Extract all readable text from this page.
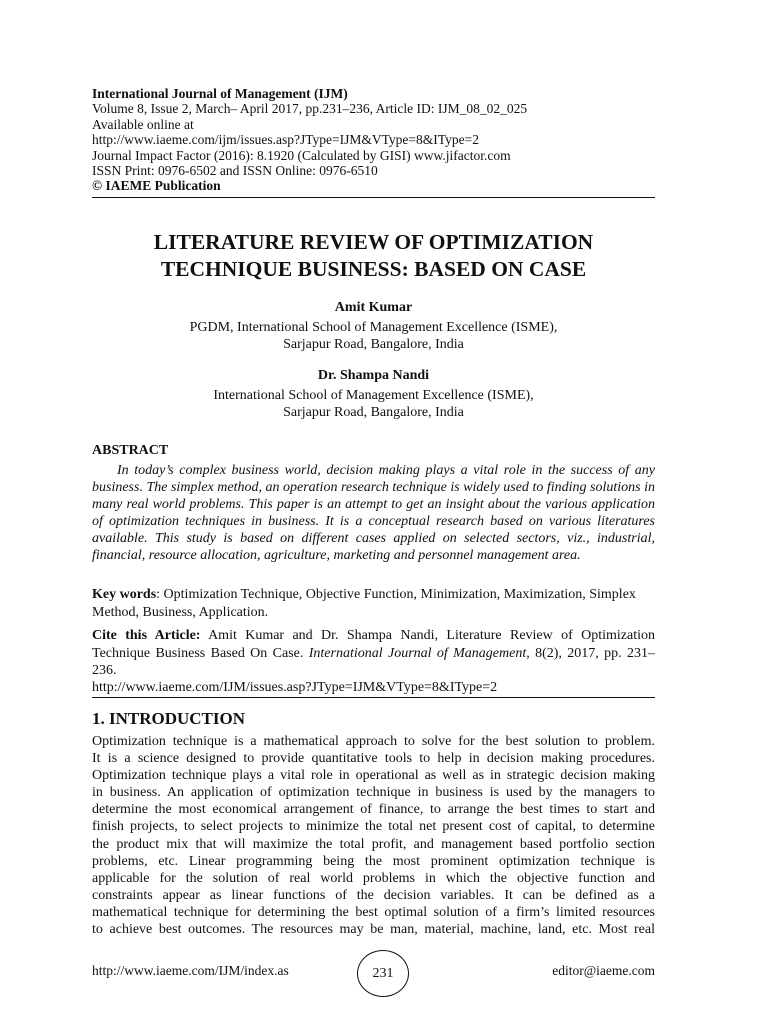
International Journal of Management (IJM)
Volume 8, Issue 2, March– April 2017, pp.231–236, Article ID: IJM_08_02_025
Available online at
http://www.iaeme.com/ijm/issues.asp?JType=IJM&VType=8&IType=2
Journal Impact Factor (2016): 8.1920 (Calculated by GISI) www.jifactor.com
ISSN Print: 0976-6502 and ISSN Online: 0976-6510
© IAEME Publication
LITERATURE REVIEW OF OPTIMIZATION
TECHNIQUE BUSINESS: BASED ON CASE
Amit Kumar
PGDM, International School of Management Excellence (ISME),
Sarjapur Road, Bangalore, India
Dr. Shampa Nandi
International School of Management Excellence (ISME),
Sarjapur Road, Bangalore, India
ABSTRACT
In today’s complex business world, decision making plays a vital role in the success of any business. The simplex method, an operation research technique is widely used to finding solutions in many real world problems. This paper is an attempt to get an insight about the various application of optimization techniques in business. It is a conceptual research based on various literatures available. This study is based on different cases applied on selected sectors, viz., industrial, financial, resource allocation, agriculture, marketing and personnel management area.
Key words: Optimization Technique, Objective Function, Minimization, Maximization, Simplex Method, Business, Application.
Cite this Article: Amit Kumar and Dr. Shampa Nandi, Literature Review of Optimization Technique Business Based On Case. International Journal of Management, 8(2), 2017, pp. 231–236.
http://www.iaeme.com/IJM/issues.asp?JType=IJM&VType=8&IType=2
1. INTRODUCTION
Optimization technique is a mathematical approach to solve for the best solution to problem.
It is a science designed to provide quantitative tools to help in decision making procedures.
Optimization technique plays a vital role in operational as well as in strategic decision making
in business. An application of optimization technique in business is used by the managers to
determine the most economical arrangement of finance, to arrange the best times to start and
finish projects, to select projects to minimize the total net present cost of capital, to determine
the product mix that will maximize the total profit, and management based portfolio section
problems, etc. Linear programming being the most prominent optimization technique is
applicable for the solution of real world problems in which the objective function and
constraints appear as linear functions of the decision variables. It can be defined as a
mathematical technique for determining the best optimal solution of a firm’s limited resources
to achieve best outcomes. The resources may be man, material, machine, land, etc. Most real
http://www.iaeme.com/IJM/index.as	231	editor@iaeme.com
